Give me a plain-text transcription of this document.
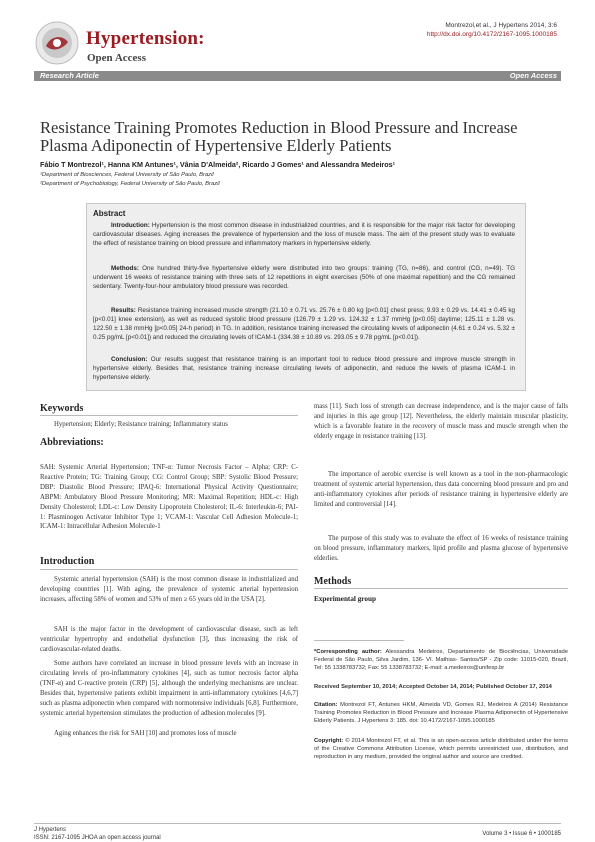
Hypertension:
Open Access
Montrezol,et al., J Hypertens 2014, 3:6
http://dx.doi.org/10.4172/2167-1095.1000185
Research Article	Open Access
Resistance Training Promotes Reduction in Blood Pressure and Increase Plasma Adiponectin of Hypertensive Elderly Patients
Fábio T Montrezol¹, Hanna KM Antunes¹, Vânia D'Almeida², Ricardo J Gomes¹ and Alessandra Medeiros¹
¹Department of Biosciences, Federal University of São Paulo, Brazil
²Department of Psychobiology, Federal University of São Paulo, Brazil
Abstract
Introduction: Hypertension is the most common disease in industrialized countries, and it is responsible for the major risk factor for developing cardiovascular diseases. Aging increases the prevalence of hypertension and the loss of muscle mass. The aim of the present study was to evaluate the effect of resistance training on blood pressure and inflammatory markers in hypertensive elderly.
Methods: One hundred thirty-five hypertensive elderly were distributed into two groups: training (TG, n=86), and control (CG, n=49). TG underwent 16 weeks of resistance training with three sets of 12 repetitions in eight exercises (50% of one maximal repetition) and the CG remained sedentary. Twenty-four-hour ambulatory blood pressure was recorded.
Results: Resistance training increased muscle strength (21.10 ± 0.71 vs. 25.76 ± 0.80 kg [p<0.01] chest press; 9.93 ± 0.29 vs. 14.41 ± 0.45 kg [p<0.01] knee extension), as well as reduced systolic blood pressure (126.79 ± 1.29 vs. 124.32 ± 1.37 mmHg [p<0.05] daytime; 125.11 ± 1.28 vs. 122.50 ± 1.38 mmHg [p<0.05] 24-h period) in TG. In addition, resistance training increased the circulating levels of adiponectin (4.61 ± 0.24 vs. 5.32 ± 0.25 pg/mL [p<0.01]) and reduced the circulating levels of ICAM-1 (334.38 ± 10.89 vs. 293.05 ± 9.78 pg/mL [p<0.01]).
Conclusion: Our results suggest that resistance training is an important tool to reduce blood pressure and improve muscle strength in hypertensive elderly. Besides that, resistance training increase circulating levels of adiponectin, and reduce the levels of plasma ICAM-1 in hypertensive elderly.
Keywords
Hypertension; Elderly; Resistance training; Inflammatory status
Abbreviations:
SAH: Systemic Arterial Hypertension; TNF-α: Tumor Necrosis Factor – Alpha; CRP: C-Reactive Protein; TG: Training Group; CG: Control Group; SBP: Systolic Blood Pressure; DBP: Diastolic Blood Pressure; IPAQ-6: International Physical Activity Questionnaire; ABPM: Ambulatory Blood Pressure Monitoring; MR: Maximal Repetition; HDL-c: High Density Cholesterol; LDL-c: Low Density Lipoprotein Cholesterol; IL-6: Interleukin-6; PAI-1: Plasminogen Activator Inhibitor Type 1; VCAM-1: Vascular Cell Adhesion Molecule-1; ICAM-1: Intracellular Adhesion Molecule-1
Introduction
Systemic arterial hypertension (SAH) is the most common disease in industrialized and developing countries [1]. With aging, the prevalence of systemic arterial hypertension increases, affecting 58% of women and 53% of men ≥ 65 years old in the USA [2].
SAH is the major factor in the development of cardiovascular disease, such as left ventricular hypertrophy and endothelial dysfunction [3], thus increasing the risk of cardiovascular-related deaths.
Some authors have correlated an increase in blood pressure levels with an increase in circulating levels of pro-inflammatory cytokines [4], such as tumor necrosis factor alpha (TNF-α) and C-reactive protein (CRP) [5], although the underlying mechanisms are unclear. Besides that, hypertensive patients exhibit impairment in anti-inflammatory cytokines [4,6,7] such as plasma adiponectin when compared with normotensive individuals [6,8]. Furthermore, systemic arterial hypertension stimulates the production of adhesion molecules [9].
Aging enhances the risk for SAH [10] and promotes loss of muscle
mass [11]. Such loss of strength can decrease independence, and is the major cause of falls and injuries in this age group [12]. Nevertheless, the elderly maintain muscular plasticity, which is a favorable feature in the recovery of muscle mass and muscle strength when the elderly engage in resistance training [13].
The importance of aerobic exercise is well known as a tool in the non-pharmacologic treatment of systemic arterial hypertension, thus data concerning blood pressure and pro and anti-inflammatory cytokines after periods of resistance training in hypertensive elderly are limited and controversial [14].
The purpose of this study was to evaluate the effect of 16 weeks of resistance training on blood pressure, inflammatory markers, lipid profile and plasma glucose of hypertensive elderlies.
Methods
Experimental group
*Corresponding author: Alessandra Medeiros, Departamento de Biociências, Universidade Federal de São Paulo, Silva Jardim, 136- VI. Mathias- Santos/SP - Zip code: 11015-020, Brazil, Tel: 55 1338783732; Fax: 55 1338783732; E-mail: a.medeiros@unifesp.br
Received September 10, 2014; Accepted October 14, 2014; Published October 17, 2014
Citation: Montrezol FT, Antunes HKM, Almeida VD, Gomes RJ, Medeiros A (2014) Resistance Training Promotes Reduction in Blood Pressure and Increase Plasma Adiponectin of Hypertensive Elderly Patients. J Hypertens 3: 185. doi: 10.4172/2167-1095.1000185
Copyright: © 2014 Montrezol FT, et al. This is an open-access article distributed under the terms of the Creative Commons Attribution License, which permits unrestricted use, distribution, and reproduction in any medium, provided the original author and source are credited.
J Hypertens
ISSN: 2167-1095 JHOA an open access journal
Volume 3 • Issue 6 • 1000185
